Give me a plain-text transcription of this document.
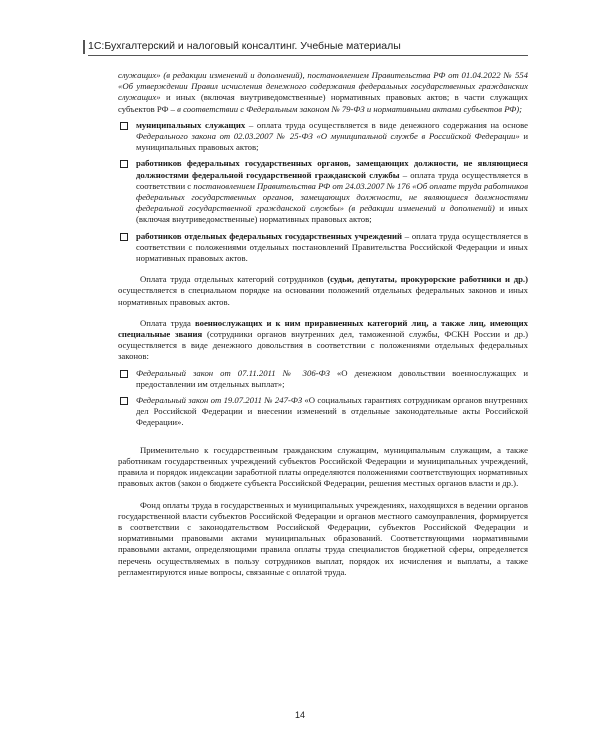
1С:Бухгалтерский и налоговый консалтинг. Учебные материалы

служащих» (в редакции изменений и дополнений), постановлением Правительства РФ от 01.04.2022 № 554 «Об утверждении Правил исчисления денежного содержания федеральных государственных гражданских служащих» и иных (включая внутриведомственные) нормативных правовых актов; в части служащих субъектов РФ – в соответствии с Федеральным законом № 79-ФЗ и нормативными актами субъектов РФ);

муниципальных служащих – оплата труда осуществляется в виде денежного содержания на основе Федерального закона от 02.03.2007 № 25-ФЗ «О муниципальной службе в Российской Федерации» и муниципальных правовых актов;
работников федеральных государственных органов, замещающих должности, не являющиеся должностями федеральной государственной гражданской службы – оплата труда осуществляется в соответствии с постановлением Правительства РФ от 24.03.2007 № 176 «Об оплате труда работников федеральных государственных органов, замещающих должности, не являющиеся должностями федеральной государственной гражданской службы» (в редакции изменений и дополнений) и иных (включая внутриведомственные) нормативных правовых актов;
работников отдельных федеральных государственных учреждений – оплата труда осуществляется в соответствии с положениями отдельных постановлений Правительства Российской Федерации и иных нормативных правовых актов.

Оплата труда отдельных категорий сотрудников (судьи, депутаты, прокурорские работники и др.) осуществляется в специальном порядке на основании положений отдельных федеральных законов и иных нормативных правовых актов.

Оплата труда военнослужащих и к ним приравненных категорий лиц, а также лиц, имеющих специальные звания (сотрудники органов внутренних дел, таможенной службы, ФСКН России и др.) осуществляется в виде денежного довольствия в соответствии с положениями отдельных федеральных законов:

Федеральный закон от 07.11.2011 № 306-ФЗ «О денежном довольствии военнослужащих и предоставлении им отдельных выплат»;
Федеральный закон от 19.07.2011 № 247-ФЗ «О социальных гарантиях сотрудникам органов внутренних дел Российской Федерации и внесении изменений в отдельные законодательные акты Российской Федерации».

Применительно к государственным гражданским служащим, муниципальным служащим, а также работникам государственных учреждений субъектов Российской Федерации и муниципальных учреждений, правила и порядок индексации заработной платы определяются положениями соответствующих нормативных правовых актов (закон о бюджете субъекта Российской Федерации, решения местных органов власти и др.).

Фонд оплаты труда в государственных и муниципальных учреждениях, находящихся в ведении органов государственной власти субъектов Российской Федерации и органов местного самоуправления, формируется в соответствии с законодательством Российской Федерации, субъектов Российской Федерации и нормативными правовыми актами муниципальных образований. Соответствующими нормативными правовыми актами, определяющими правила оплаты труда специалистов бюджетной сферы, определяется перечень осуществляемых в пользу сотрудников выплат, порядок их исчисления и выплаты, а также регламентируются иные вопросы, связанные с оплатой труда.

14
